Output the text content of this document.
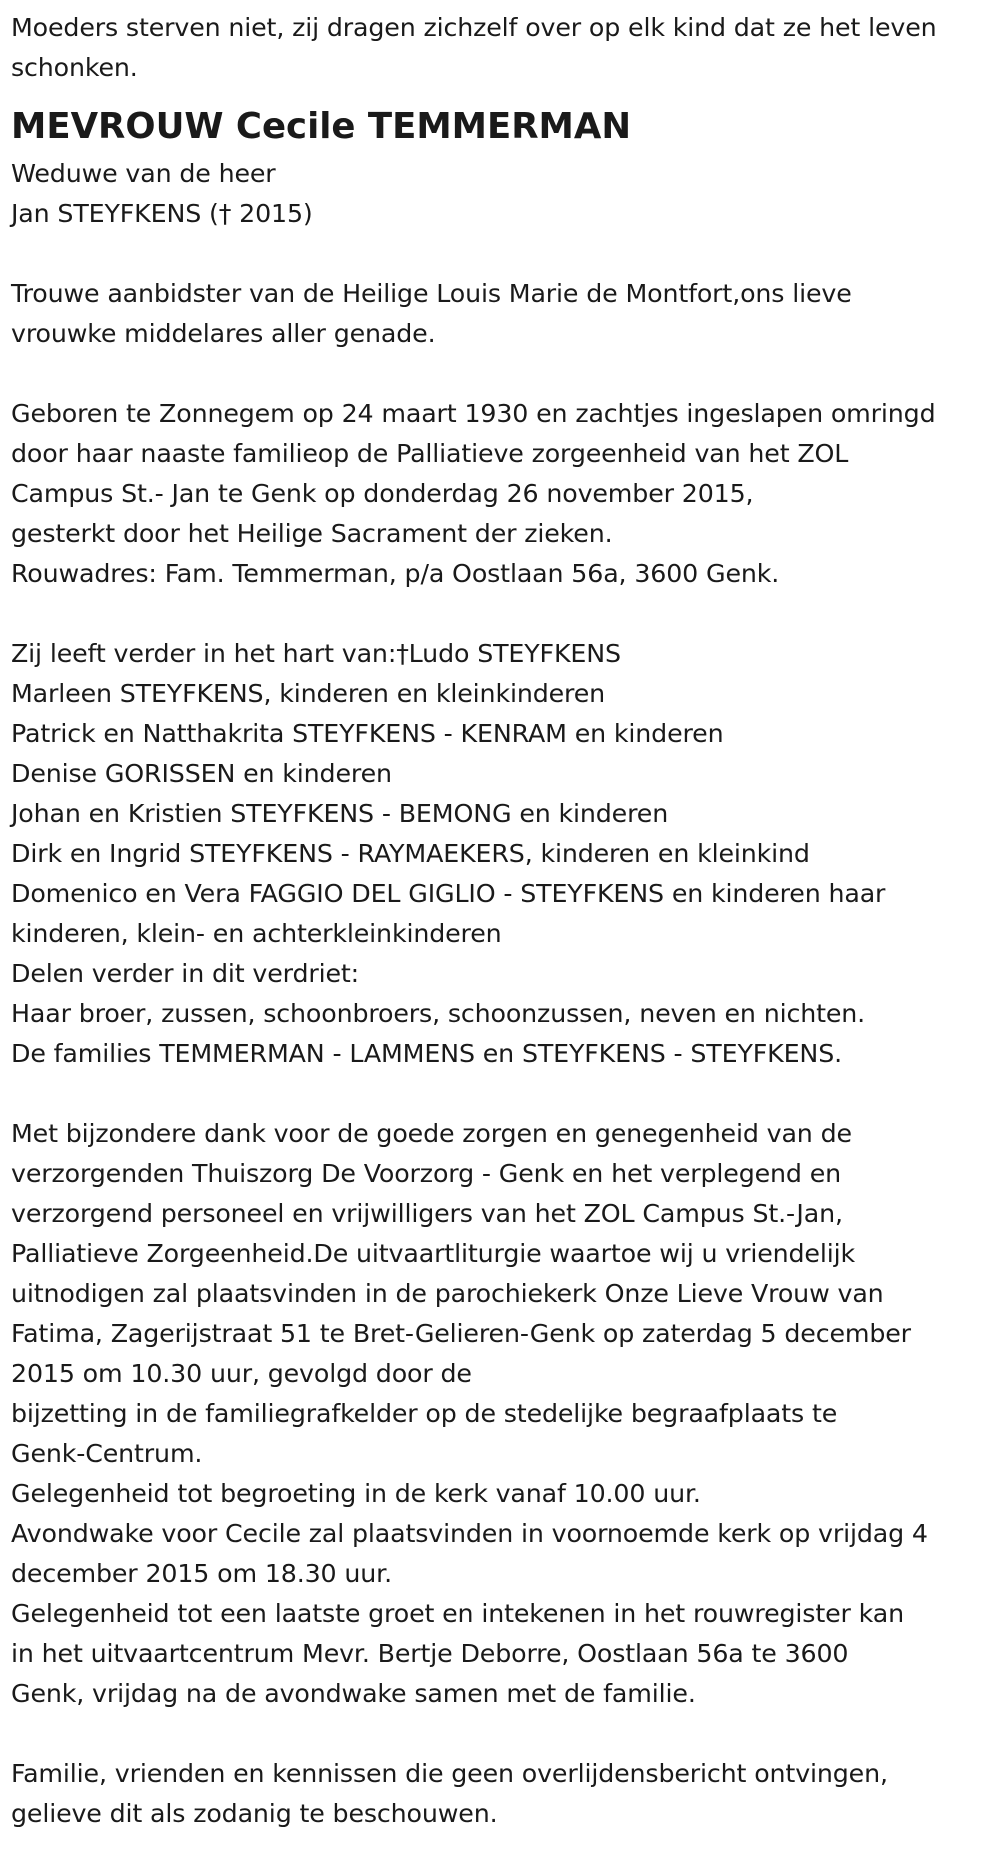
Moeders sterven niet, zij dragen zichzelf over op elk kind dat ze het leven
schonken.
MEVROUW Cecile TEMMERMAN
Weduwe van de heer
Jan STEYFKENS († 2015)
Trouwe aanbidster van de Heilige Louis Marie de Montfort,ons lieve
vrouwke middelares aller genade.
Geboren te Zonnegem op 24 maart 1930 en zachtjes ingeslapen omringd
door haar naaste familieop de Palliatieve zorgeenheid van het ZOL
Campus St.- Jan te Genk op donderdag 26 november 2015,
gesterkt door het Heilige Sacrament der zieken.
Rouwadres: Fam. Temmerman, p/a Oostlaan 56a, 3600 Genk.
Zij leeft verder in het hart van:†Ludo STEYFKENS
Marleen STEYFKENS, kinderen en kleinkinderen
Patrick en Natthakrita STEYFKENS - KENRAM en kinderen
Denise GORISSEN en kinderen
Johan en Kristien STEYFKENS - BEMONG en kinderen
Dirk en Ingrid STEYFKENS - RAYMAEKERS, kinderen en kleinkind
Domenico en Vera FAGGIO DEL GIGLIO - STEYFKENS en kinderen haar
kinderen, klein- en achterkleinkinderen
Delen verder in dit verdriet:
Haar broer, zussen, schoonbroers, schoonzussen, neven en nichten.
De families TEMMERMAN - LAMMENS en STEYFKENS - STEYFKENS.
Met bijzondere dank voor de goede zorgen en genegenheid van de
verzorgenden Thuiszorg De Voorzorg - Genk en het verplegend en
verzorgend personeel en vrijwilligers van het ZOL Campus St.-Jan,
Palliatieve Zorgeenheid.De uitvaartliturgie waartoe wij u vriendelijk
uitnodigen zal plaatsvinden in de parochiekerk Onze Lieve Vrouw van
Fatima, Zagerijstraat 51 te Bret-Gelieren-Genk op zaterdag 5 december
2015 om 10.30 uur, gevolgd door de
bijzetting in de familiegrafkelder op de stedelijke begraafplaats te
Genk-Centrum.
Gelegenheid tot begroeting in de kerk vanaf 10.00 uur.
Avondwake voor Cecile zal plaatsvinden in voornoemde kerk op vrijdag 4
december 2015 om 18.30 uur.
Gelegenheid tot een laatste groet en intekenen in het rouwregister kan
in het uitvaartcentrum Mevr. Bertje Deborre, Oostlaan 56a te 3600
Genk, vrijdag na de avondwake samen met de familie.
Familie, vrienden en kennissen die geen overlijdensbericht ontvingen,
gelieve dit als zodanig te beschouwen.
